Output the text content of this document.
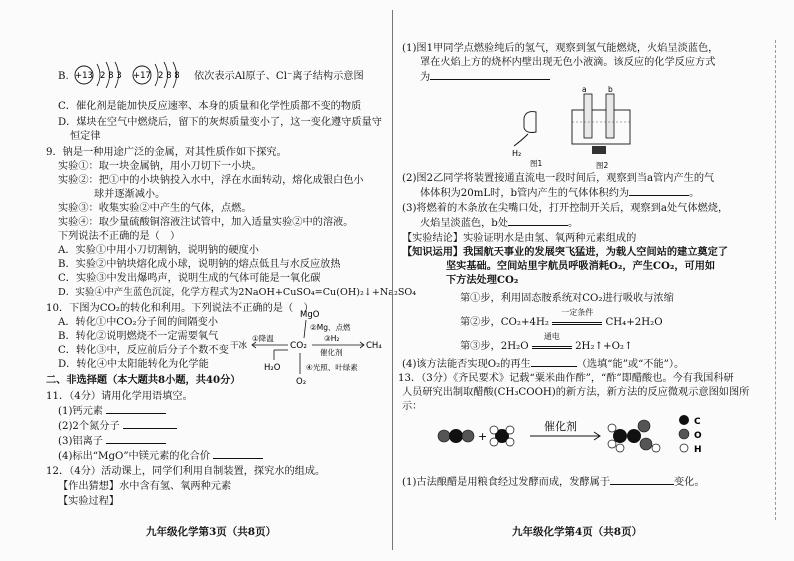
B. +13 2 8 3 +17 2 8 8 依次表示Al原子、Cl⁻离子结构示意图
C．催化剂是能加快反应速率、本身的质量和化学性质都不变的物质
D．煤块在空气中燃烧后，留下的灰烬质量变小了，这一变化遵守质量守
恒定律
9．钠是一种用途广泛的金属，对其性质作如下探究。
实验①：取一块金属钠，用小刀切下一小块。
实验②：把①中的小块钠投入水中，浮在水面转动，熔化成银白色小
球并逐渐减小。
实验③：收集实验②中产生的气体，点燃。
实验④：取少量硫酸铜溶液注试管中，加入适量实验②中的溶液。
下列说法不正确的是（　）
A．实验①中用小刀切割钠，说明钠的硬度小
B．实验②中钠块熔化成小球，说明钠的熔点低且与水反应放热
C．实验③中发出爆鸣声，说明生成的气体可能是一氧化碳
D．实验④中产生蓝色沉淀，化学方程式为2NaOH+CuSO₄=Cu(OH)₂↓+Na₂SO₄
10．下图为CO₂的转化和利用。下列说法不正确的是（　）
A．转化①中CO₂分子间的间隔变小
B．转化②说明燃烧不一定需要氧气
C．转化③中，反应前后分子个数不变
D．转化④中太阳能转化为化学能
MgO
CO₂
干冰	CH₄
H₂O
O₂
①降温
②Mg、点燃
③H₂
催化剂
④光照、叶绿素
二、非选择题（本大题共8小题，共40分）
11．（4分）请用化学用语填空。
(1)钙元素
(2)2个氮分子
(3)铝离子
(4)标出“MgO”中镁元素的化合价
12．（4分）活动课上，同学们利用自制装置，探究水的组成。
【作出猜想】水中含有氢、氧两种元素
【实验过程】
九年级化学第3页（共8页）
(1)图1甲同学点燃验纯后的氢气，观察到氢气能燃烧，火焰呈淡蓝色，
罩在火焰上方的烧杯内壁出现无色小液滴。该反应的化学反应方式
为
H₂
图1
a	b
图2
(2)图2乙同学将装置接通直流电一段时间后，观察到当a管内产生的气
体体积为20mL时，b管内产生的气体体积约为	。
(3)将燃着的木条放在尖嘴口处，打开控制开关后，观察到a处气体燃烧，
火焰呈淡蓝色，b处	。
【实验结论】实验证明水是由氢、氧两种元素组成的
【知识运用】我国航天事业的发展突飞猛进，为载人空间站的建立奠定了
坚实基础。空间站里宇航员呼吸消耗O₂，产生CO₂，可用如
下方法处理CO₂
第①步，利用固态胺系统对CO₂进行吸收与浓缩
第②步，CO₂+4H₂
一定条件
CH₄+2H₂O
第③步，2H₂O
通电
2H₂↑+O₂↑
(4)该方法能否实现O₂的再生	（选填“能”或“不能”）。
13．（3分）《齐民要术》记载“粟米曲作酢”，“酢”即醋酸也。今有我国科研
人员研究出制取醋酸(CH₃COOH)的新方法，新方法的反应微观示意图如图所
示：
+
催化剂	C
O
H
(1)古法酿醋是用粮食经过发酵而成，发酵属于	变化。
九年级化学第4页（共8页）
